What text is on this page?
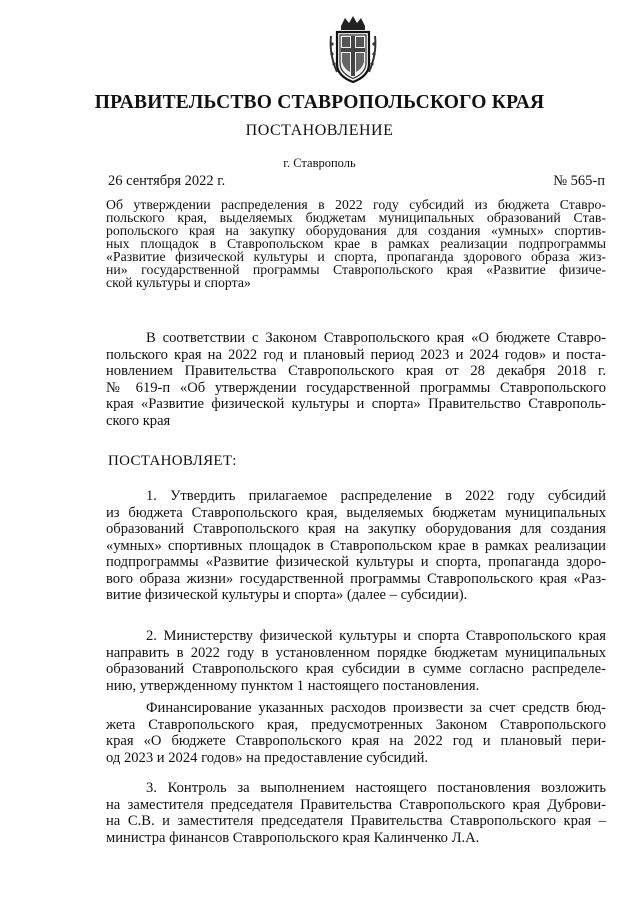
ПРАВИТЕЛЬСТВО СТАВРОПОЛЬСКОГО КРАЯ
ПОСТАНОВЛЕНИЕ
г. Ставрополь
26 сентября 2022 г.	№ 565-п
Об утверждении распределения в 2022 году субсидий из бюджета Ставро-
польского края, выделяемых бюджетам муниципальных образований Став-
ропольского края на закупку оборудования для создания «умных» спортив-
ных площадок в Ставропольском крае в рамках реализации подпрограммы
«Развитие физической культуры и спорта, пропаганда здорового образа жиз-
ни» государственной программы Ставропольского края «Развитие физиче-
ской культуры и спорта»
В соответствии с Законом Ставропольского края «О бюджете Ставро-
польского края на 2022 год и плановый период 2023 и 2024 годов» и поста-
новлением Правительства Ставропольского края от 28 декабря 2018 г.
№ 619-п «Об утверждении государственной программы Ставропольского
края «Развитие физической культуры и спорта» Правительство Ставрополь-
ского края
ПОСТАНОВЛЯЕТ:
1. Утвердить прилагаемое распределение в 2022 году субсидий
из бюджета Ставропольского края, выделяемых бюджетам муниципальных
образований Ставропольского края на закупку оборудования для создания
«умных» спортивных площадок в Ставропольском крае в рамках реализации
подпрограммы «Развитие физической культуры и спорта, пропаганда здоро-
вого образа жизни» государственной программы Ставропольского края «Раз-
витие физической культуры и спорта» (далее – субсидии).
2. Министерству физической культуры и спорта Ставропольского края
направить в 2022 году в установленном порядке бюджетам муниципальных
образований Ставропольского края субсидии в сумме согласно распределе-
нию, утвержденному пунктом 1 настоящего постановления.
Финансирование указанных расходов произвести за счет средств бюд-
жета Ставропольского края, предусмотренных Законом Ставропольского
края «О бюджете Ставропольского края на 2022 год и плановый пери-
од 2023 и 2024 годов» на предоставление субсидий.
3. Контроль за выполнением настоящего постановления возложить
на заместителя председателя Правительства Ставропольского края Дуброви-
на С.В. и заместителя председателя Правительства Ставропольского края –
министра финансов Ставропольского края Калинченко Л.А.
